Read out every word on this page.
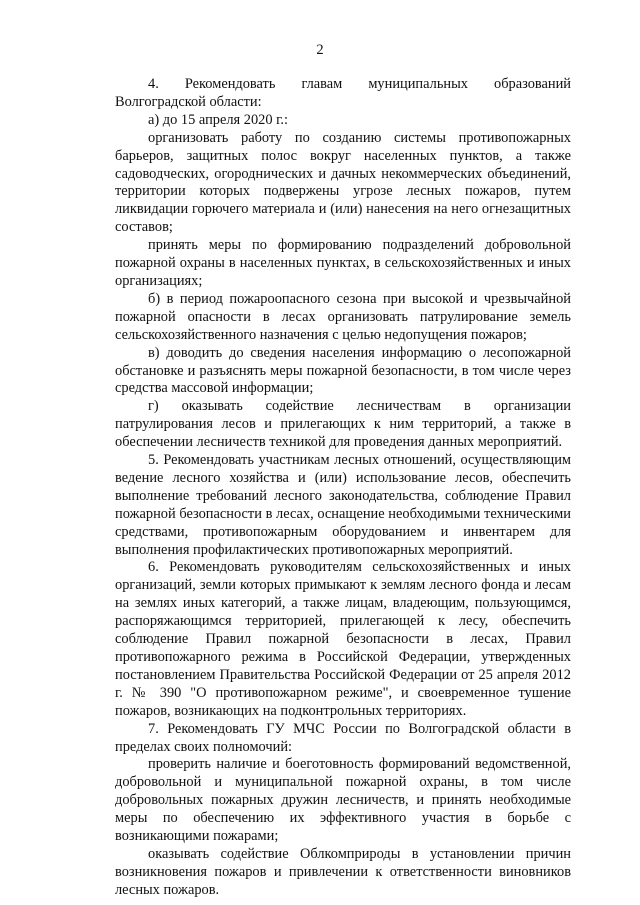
2

4. Рекомендовать главам муниципальных образований Волгоградской области:

а) до 15 апреля 2020 г.:

организовать работу по созданию системы противопожарных барьеров, защитных полос вокруг населенных пунктов, а также садоводческих, огороднических и дачных некоммерческих объединений, территории которых подвержены угрозе лесных пожаров, путем ликвидации горючего материала и (или) нанесения на него огнезащитных составов;

принять меры по формированию подразделений добровольной пожарной охраны в населенных пунктах, в сельскохозяйственных и иных организациях;

б) в период пожароопасного сезона при высокой и чрезвычайной пожарной опасности в лесах организовать патрулирование земель сельскохозяйственного назначения с целью недопущения пожаров;

в) доводить до сведения населения информацию о лесопожарной обстановке и разъяснять меры пожарной безопасности, в том числе через средства массовой информации;

г) оказывать содействие лесничествам в организации патрулирования лесов и прилегающих к ним территорий, а также в обеспечении лесничеств техникой для проведения данных мероприятий.

5. Рекомендовать участникам лесных отношений, осуществляющим ведение лесного хозяйства и (или) использование лесов, обеспечить выполнение требований лесного законодательства, соблюдение Правил пожарной безопасности в лесах, оснащение необходимыми техническими средствами, противопожарным оборудованием и инвентарем для выполнения профилактических противопожарных мероприятий.

6. Рекомендовать руководителям сельскохозяйственных и иных организаций, земли которых примыкают к землям лесного фонда и лесам на землях иных категорий, а также лицам, владеющим, пользующимся, распоряжающимся территорией, прилегающей к лесу, обеспечить соблюдение Правил пожарной безопасности в лесах, Правил противопожарного режима в Российской Федерации, утвержденных постановлением Правительства Российской Федерации от 25 апреля 2012 г. № 390 "О противопожарном режиме", и своевременное тушение пожаров, возникающих на подконтрольных территориях.

7. Рекомендовать ГУ МЧС России по Волгоградской области в пределах своих полномочий:

проверить наличие и боеготовность формирований ведомственной, добровольной и муниципальной пожарной охраны, в том числе добровольных пожарных дружин лесничеств, и принять необходимые меры по обеспечению их эффективного участия в борьбе с возникающими пожарами;

оказывать содействие Облкомприроды в установлении причин возникновения пожаров и привлечении к ответственности виновников лесных пожаров.
